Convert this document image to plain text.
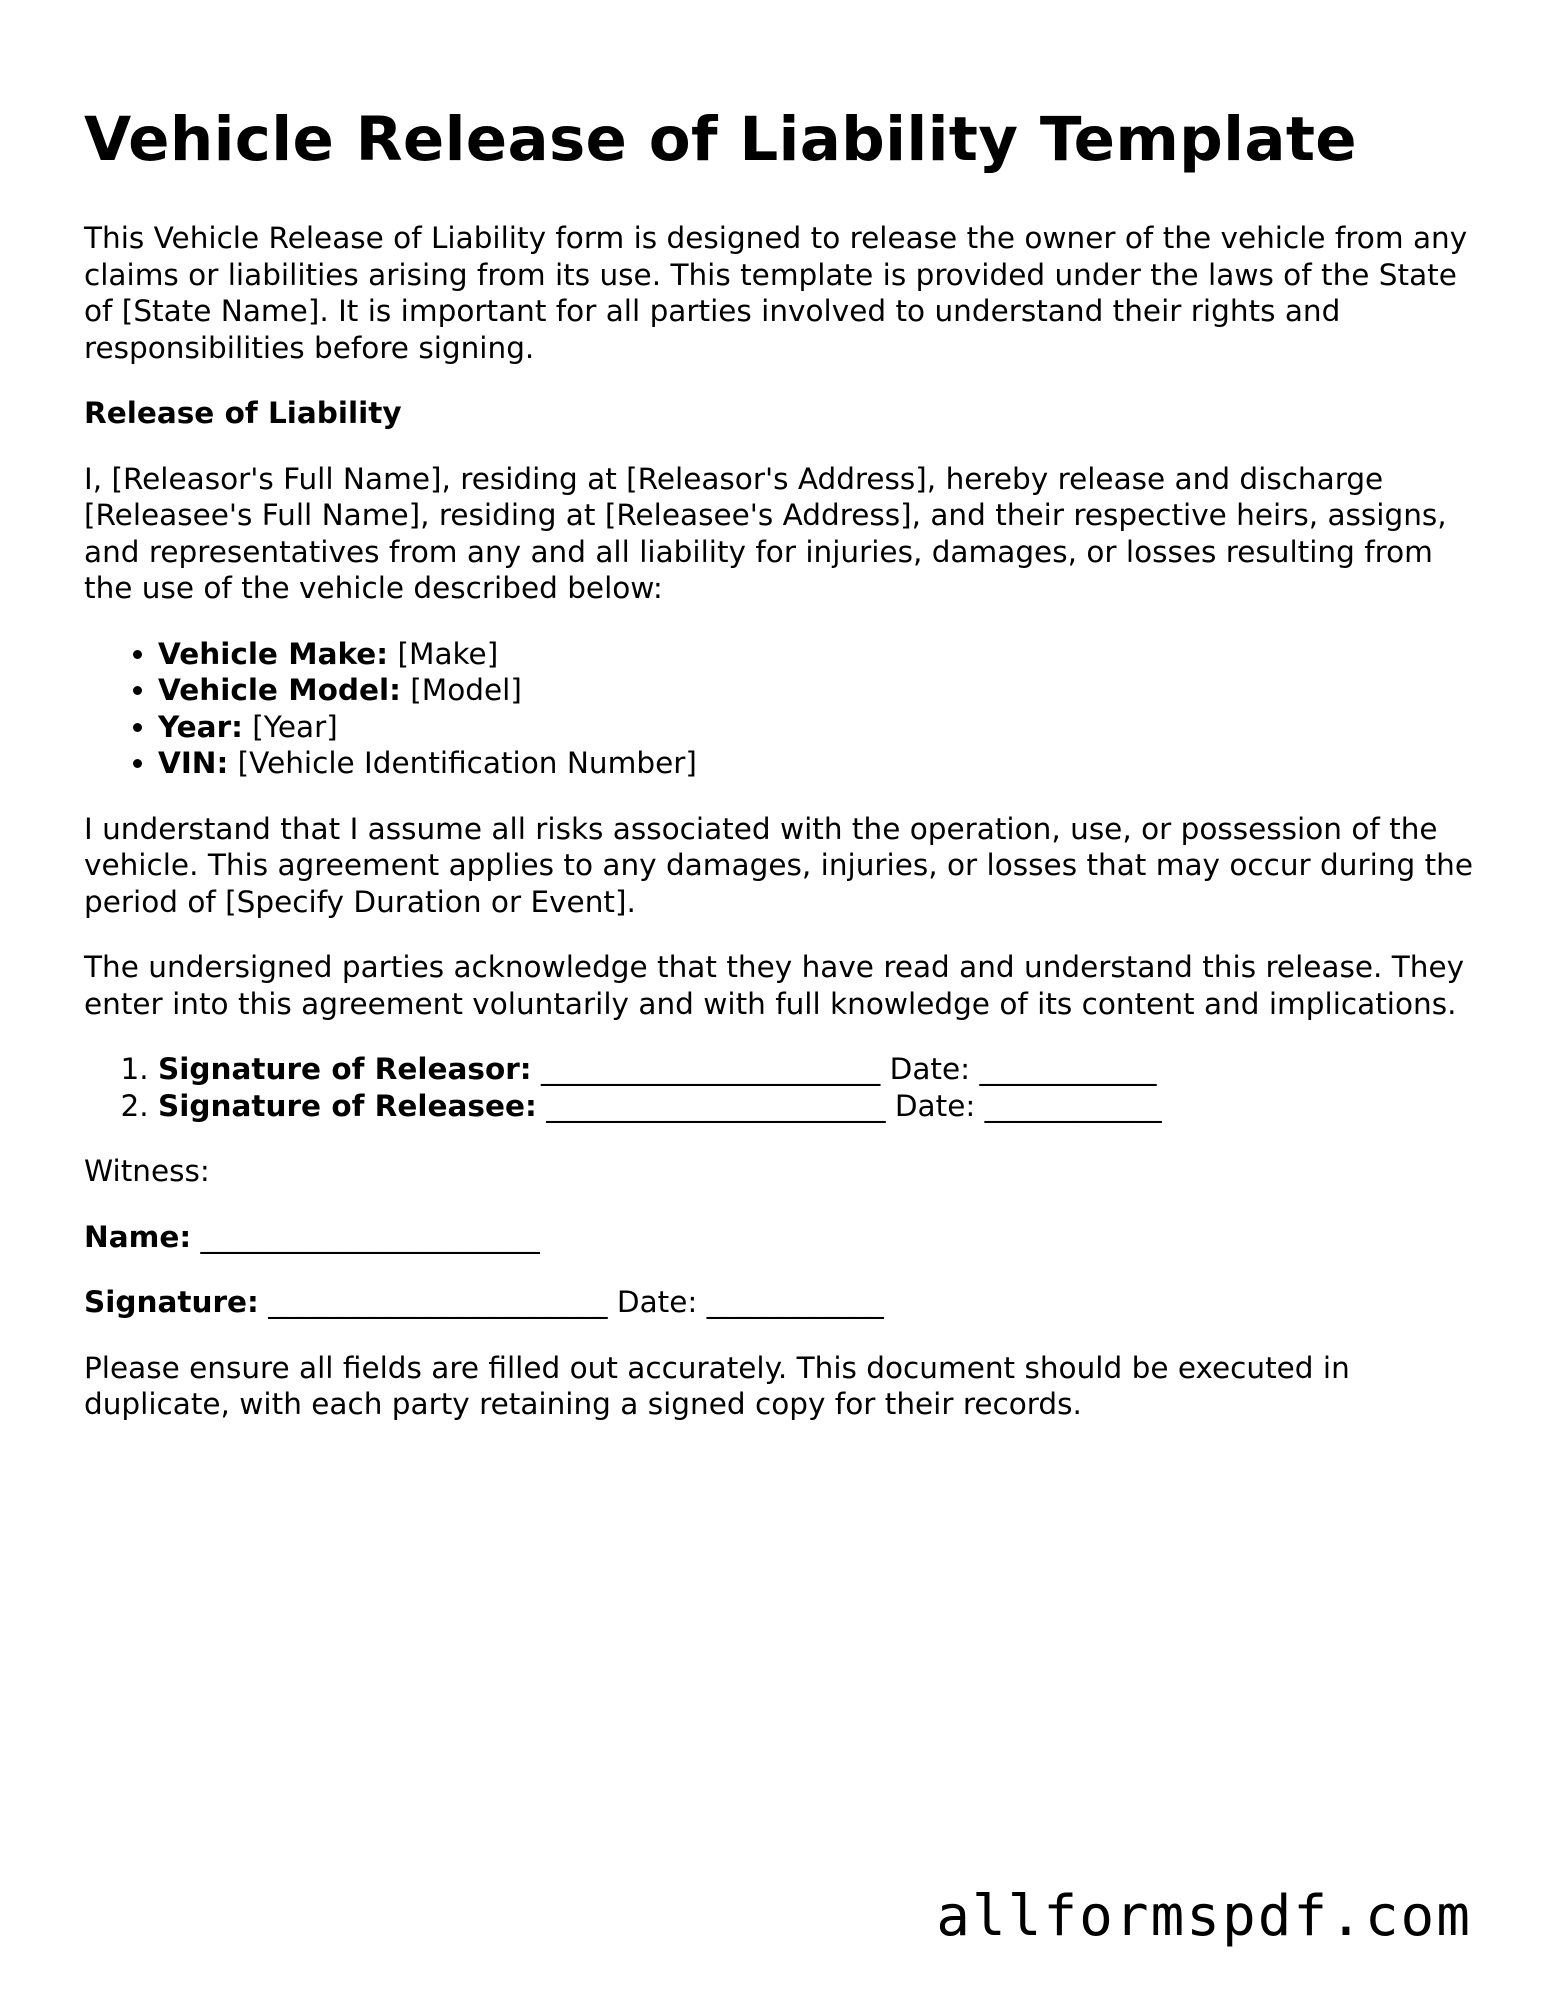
Vehicle Release of Liability Template

This Vehicle Release of Liability form is designed to release the owner of the vehicle from any claims or liabilities arising from its use. This template is provided under the laws of the State of [State Name]. It is important for all parties involved to understand their rights and responsibilities before signing.

Release of Liability

I, [Releasor's Full Name], residing at [Releasor's Address], hereby release and discharge [Releasee's Full Name], residing at [Releasee's Address], and their respective heirs, assigns, and representatives from any and all liability for injuries, damages, or losses resulting from the use of the vehicle described below:

• Vehicle Make: [Make]
• Vehicle Model: [Model]
• Year: [Year]
• VIN: [Vehicle Identification Number]

I understand that I assume all risks associated with the operation, use, or possession of the vehicle. This agreement applies to any damages, injuries, or losses that may occur during the period of [Specify Duration or Event].

The undersigned parties acknowledge that they have read and understand this release. They enter into this agreement voluntarily and with full knowledge of its content and implications.

1. Signature of Releasor: _______________________ Date: ____________
2. Signature of Releasee: _______________________ Date: ____________

Witness:

Name: _______________________

Signature: _______________________ Date: ____________

Please ensure all fields are filled out accurately. This document should be executed in duplicate, with each party retaining a signed copy for their records.

allformspdf.com
